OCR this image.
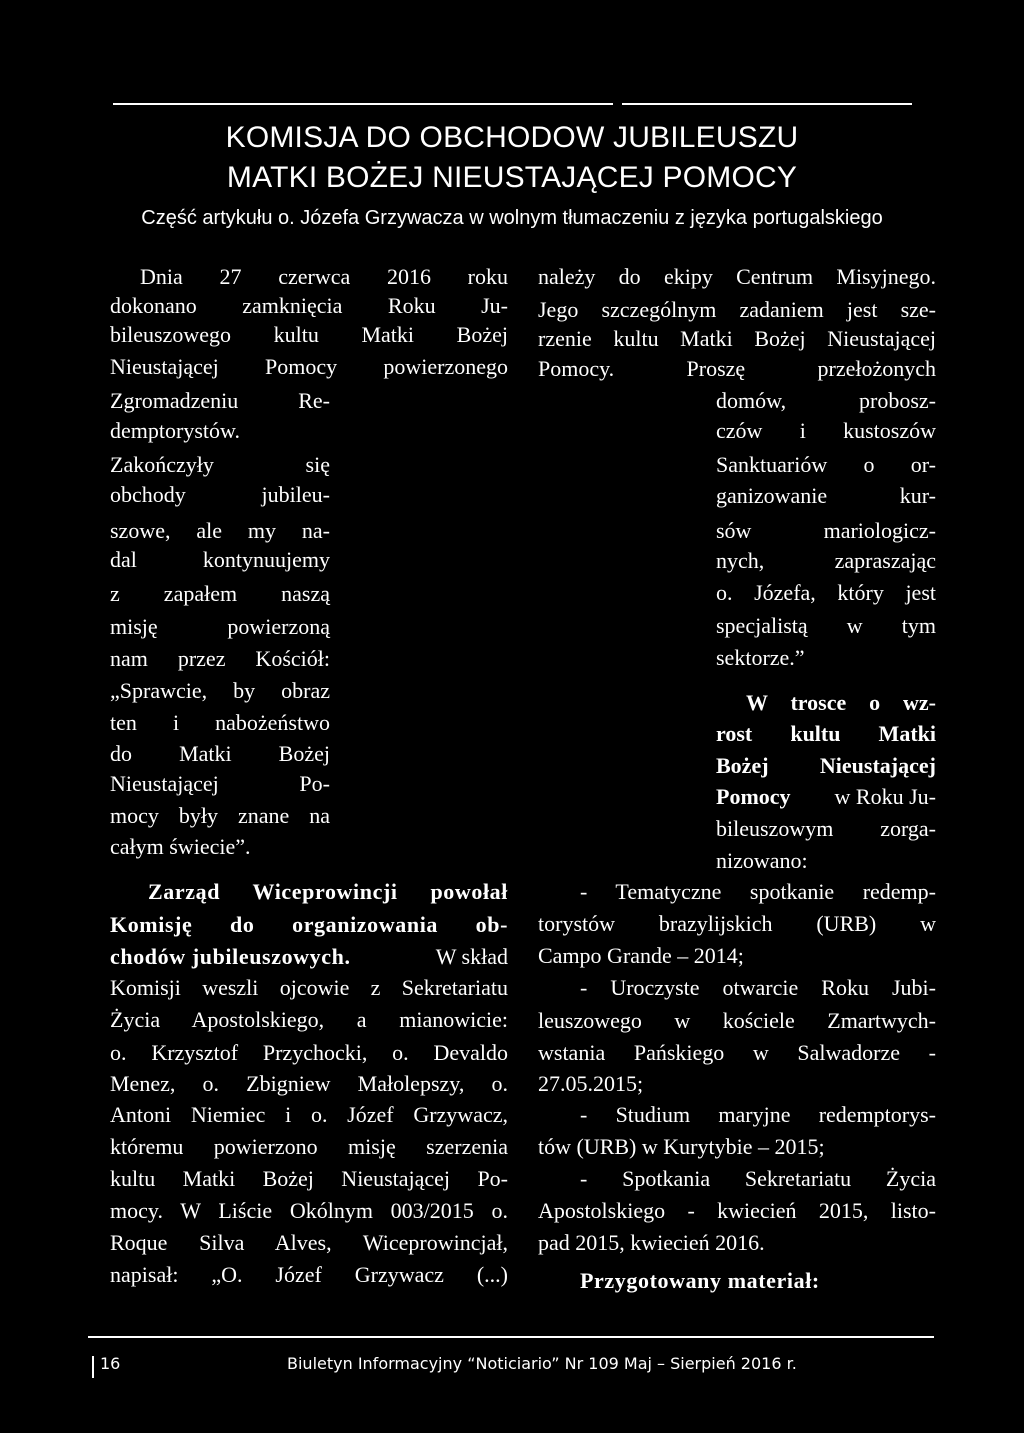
KOMISJA DO OBCHODOW JUBILEUSZU
MATKI BOŻEJ NIEUSTAJĄCEJ POMOCY
Część artykułu o. Józefa Grzywacza w wolnym tłumaczeniu z języka portugalskiego
Dnia 27 czerwca 2016 roku
dokonano zamknięcia Roku Ju-
bileuszowego kultu Matki Bożej
Nieustającej Pomocy powierzonego
Zgromadzeniu Re-
demptorystów.
Zakończyły się
obchody jubileu-
szowe, ale my na-
dal kontynuujemy
z zapałem naszą
misję powierzoną
nam przez Kościół:
„Sprawcie, by obraz
ten i nabożeństwo
do Matki Bożej
Nieustającej Po-
mocy były znane na
całym świecie”.
Zarząd Wiceprowincji powołał
Komisję do organizowania ob-
chodów jubileuszowych.	W skład
Komisji weszli ojcowie z Sekretariatu
Życia Apostolskiego, a mianowicie:
o. Krzysztof Przychocki, o. Devaldo
Menez, o. Zbigniew Małolepszy, o.
Antoni Niemiec i o. Józef Grzywacz,
któremu powierzono misję szerzenia
kultu Matki Bożej Nieustającej Po-
mocy. W Liście Okólnym 003/2015 o.
Roque Silva Alves, Wiceprowincjał,
napisał: „O. Józef Grzywacz (...)
należy do ekipy Centrum Misyjnego.
Jego szczególnym zadaniem jest sze-
rzenie kultu Matki Bożej Nieustającej
Pomocy. Proszę przełożonych
domów, probosz-
czów i kustoszów
Sanktuariów o or-
ganizowanie kur-
sów mariologicz-
nych, zapraszając
o. Józefa, który jest
specjalistą w tym
sektorze.”
W trosce o wz-
rost kultu Matki
Bożej Nieustającej
Pomocy w Roku Ju-
bileuszowym zorga-
nizowano:
- Tematyczne spotkanie redemp-
torystów brazylijskich (URB) w
Campo Grande – 2014;
- Uroczyste otwarcie Roku Jubi-
leuszowego w kościele Zmartwych-
wstania Pańskiego w Salwadorze -
27.05.2015;
- Studium maryjne redemptorys-
tów (URB) w Kurytybie – 2015;
- Spotkania Sekretariatu Życia
Apostolskiego - kwiecień 2015, listo-
pad 2015, kwiecień 2016.
Przygotowany materiał:
16	Biuletyn Informacyjny “Noticiario” Nr 109 Maj – Sierpień 2016 r.
